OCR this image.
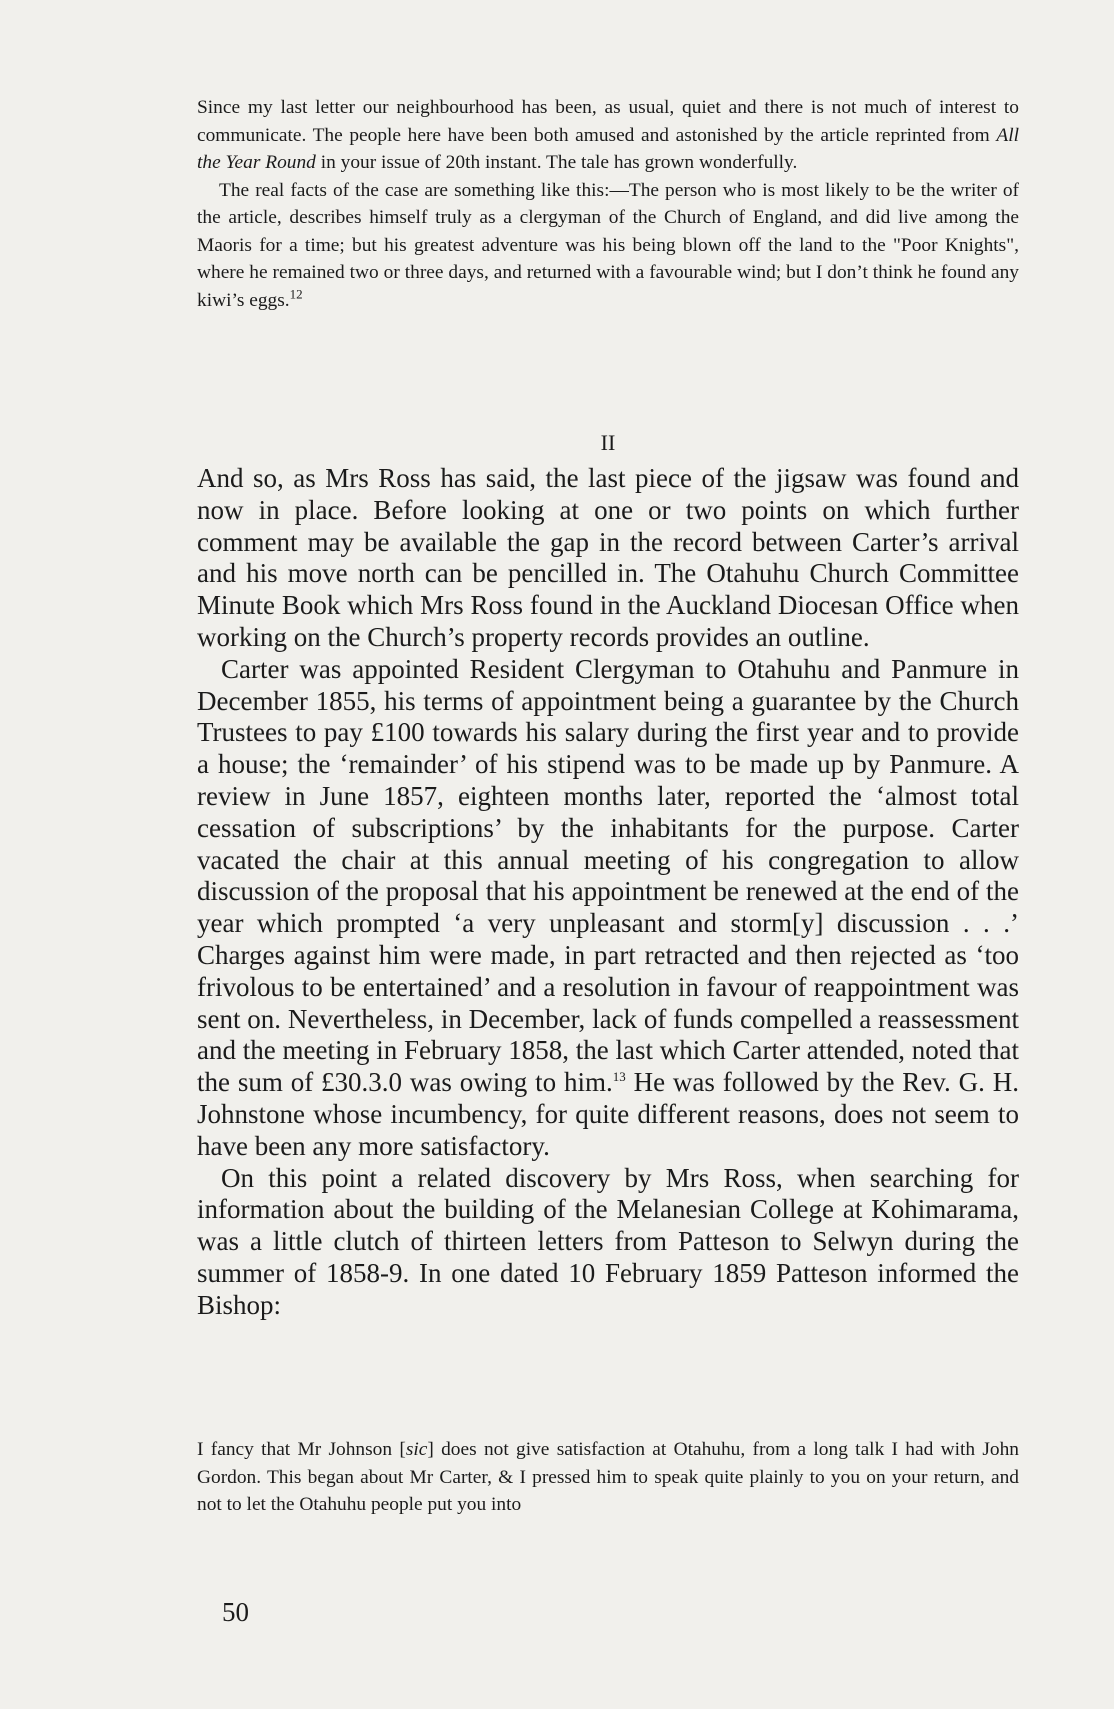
Since my last letter our neighbourhood has been, as usual, quiet and there is not much of interest to communicate. The people here have been both amused and astonished by the article reprinted from All the Year Round in your issue of 20th instant. The tale has grown wonderfully.

The real facts of the case are something like this:—The person who is most likely to be the writer of the article, describes himself truly as a clergyman of the Church of England, and did live among the Maoris for a time; but his greatest adventure was his being blown off the land to the "Poor Knights", where he remained two or three days, and returned with a favourable wind; but I don’t think he found any kiwi’s eggs.$^{12}$

II

And so, as Mrs Ross has said, the last piece of the jigsaw was found and now in place. Before looking at one or two points on which further comment may be available the gap in the record between Carter’s arrival and his move north can be pencilled in. The Otahuhu Church Committee Minute Book which Mrs Ross found in the Auckland Diocesan Office when working on the Church’s property records provides an outline.

Carter was appointed Resident Clergyman to Otahuhu and Panmure in December 1855, his terms of appointment being a guarantee by the Church Trustees to pay £100 towards his salary during the first year and to provide a house; the ‘remainder’ of his stipend was to be made up by Panmure. A review in June 1857, eighteen months later, reported the ‘almost total cessation of subscriptions’ by the inhabitants for the purpose. Carter vacated the chair at this annual meeting of his congregation to allow discussion of the proposal that his appointment be renewed at the end of the year which prompted ‘a very unpleasant and storm[y] discussion . . .’ Charges against him were made, in part retracted and then rejected as ‘too frivolous to be entertained’ and a resolution in favour of reappointment was sent on. Nevertheless, in December, lack of funds compelled a reassessment and the meeting in February 1858, the last which Carter attended, noted that the sum of £30.3.0 was owing to him.$^{13}$ He was followed by the Rev. G. H. Johnstone whose incumbency, for quite different reasons, does not seem to have been any more satisfactory.

On this point a related discovery by Mrs Ross, when searching for information about the building of the Melanesian College at Kohimarama, was a little clutch of thirteen letters from Patteson to Selwyn during the summer of 1858-9. In one dated 10 February 1859 Patteson informed the Bishop:

I fancy that Mr Johnson [sic] does not give satisfaction at Otahuhu, from a long talk I had with John Gordon. This began about Mr Carter, & I pressed him to speak quite plainly to you on your return, and not to let the Otahuhu people put you into

50
